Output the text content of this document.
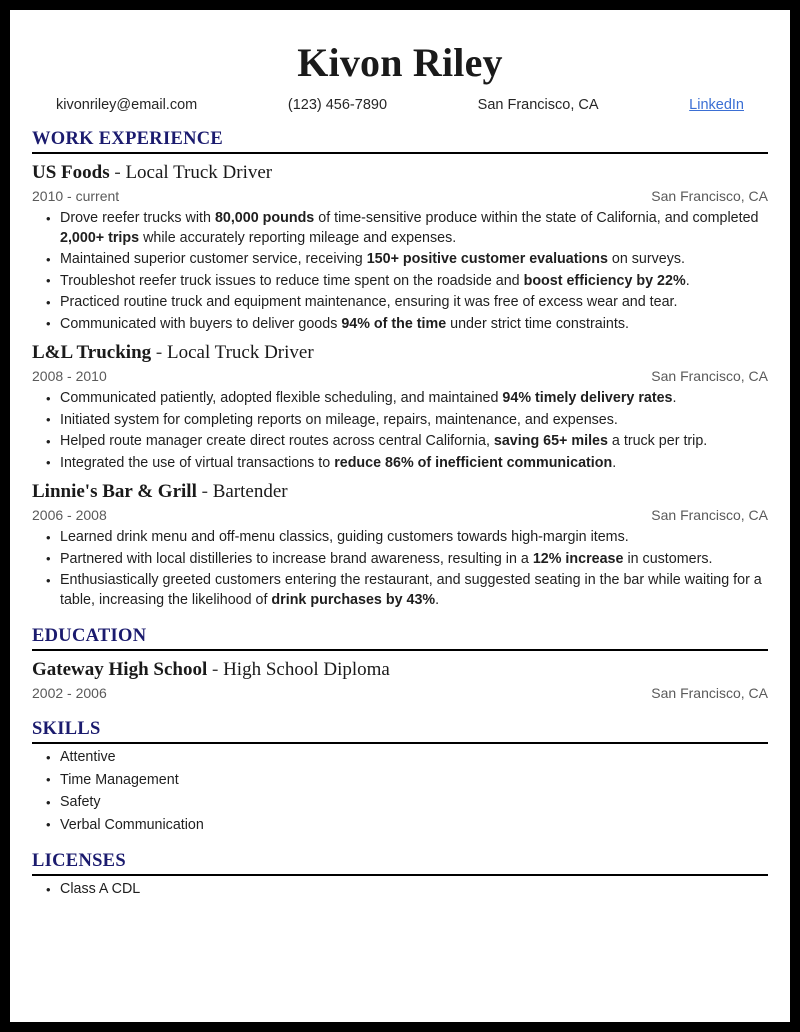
Kivon Riley
kivonriley@email.com	(123) 456-7890	San Francisco, CA	LinkedIn
WORK EXPERIENCE
US Foods - Local Truck Driver
2010 - current	San Francisco, CA
• Drove reefer trucks with 80,000 pounds of time-sensitive produce within the state of California, and completed 2,000+ trips while accurately reporting mileage and expenses.
• Maintained superior customer service, receiving 150+ positive customer evaluations on surveys.
• Troubleshot reefer truck issues to reduce time spent on the roadside and boost efficiency by 22%.
• Practiced routine truck and equipment maintenance, ensuring it was free of excess wear and tear.
• Communicated with buyers to deliver goods 94% of the time under strict time constraints.
L&L Trucking - Local Truck Driver
2008 - 2010	San Francisco, CA
• Communicated patiently, adopted flexible scheduling, and maintained 94% timely delivery rates.
• Initiated system for completing reports on mileage, repairs, maintenance, and expenses.
• Helped route manager create direct routes across central California, saving 65+ miles a truck per trip.
• Integrated the use of virtual transactions to reduce 86% of inefficient communication.
Linnie's Bar & Grill - Bartender
2006 - 2008	San Francisco, CA
• Learned drink menu and off-menu classics, guiding customers towards high-margin items.
• Partnered with local distilleries to increase brand awareness, resulting in a 12% increase in customers.
• Enthusiastically greeted customers entering the restaurant, and suggested seating in the bar while waiting for a table, increasing the likelihood of drink purchases by 43%.
EDUCATION
Gateway High School - High School Diploma
2002 - 2006	San Francisco, CA
SKILLS
• Attentive
• Time Management
• Safety
• Verbal Communication
LICENSES
• Class A CDL
